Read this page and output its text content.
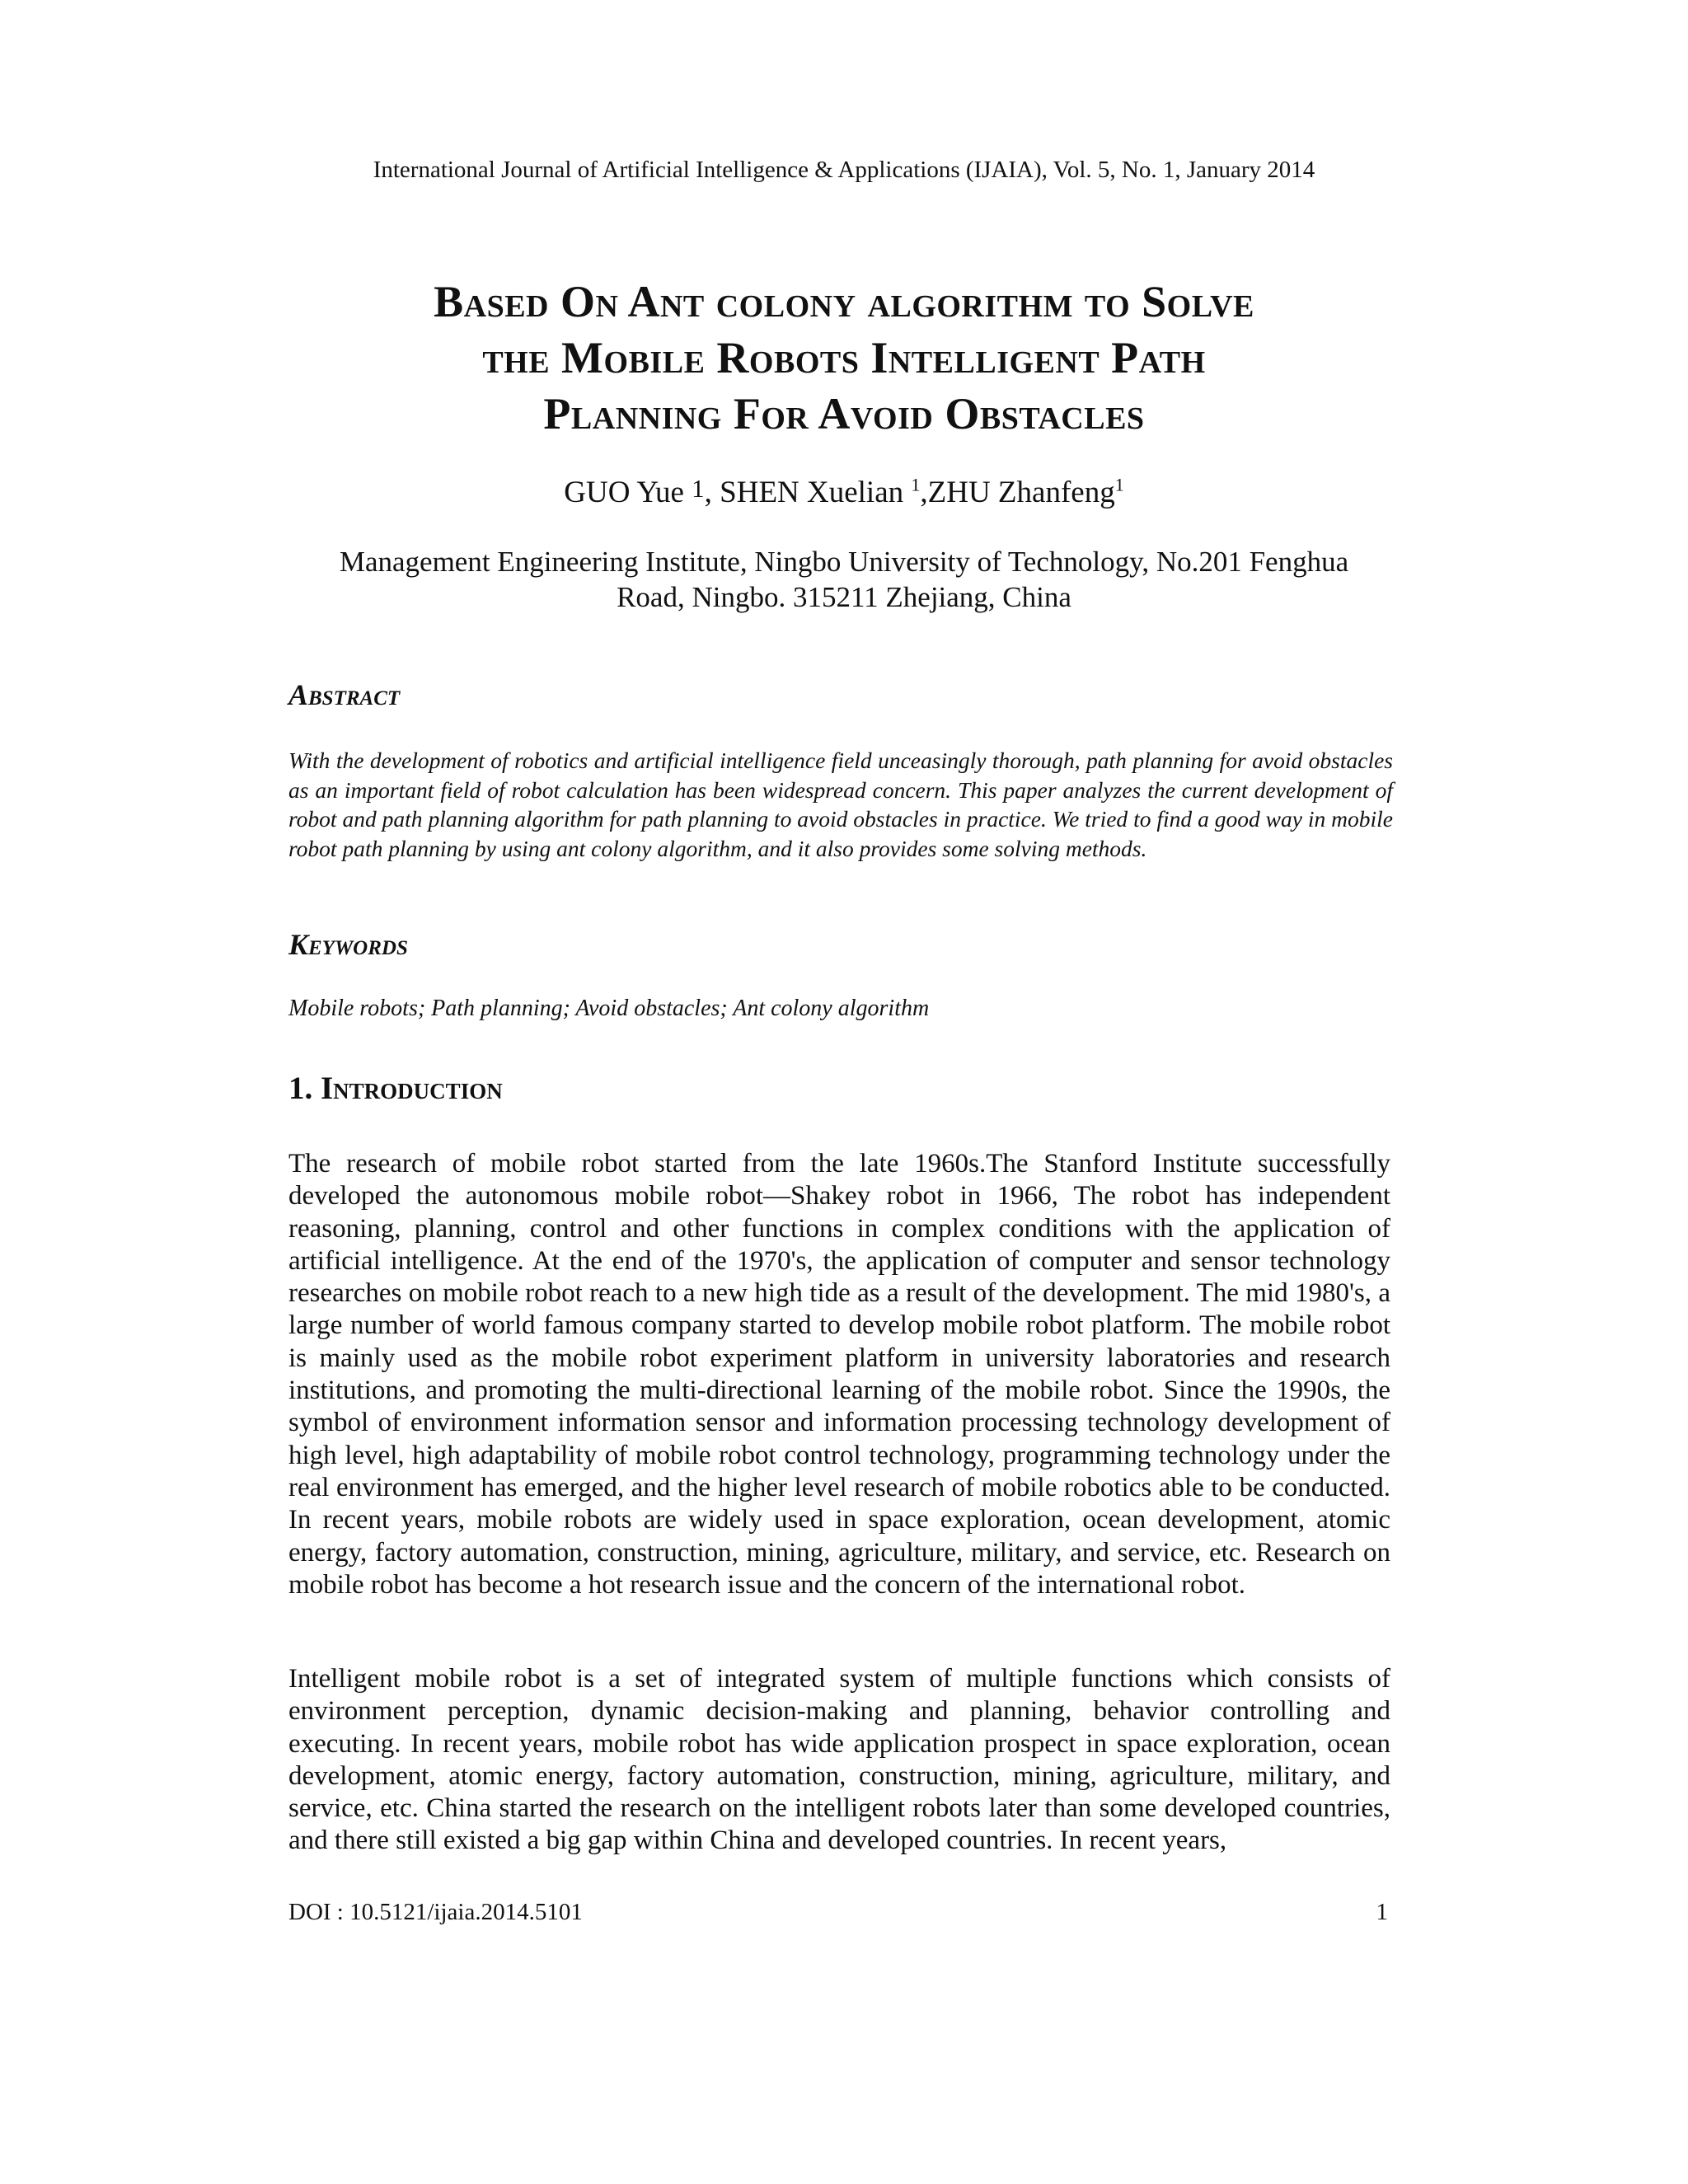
International Journal of Artificial Intelligence & Applications (IJAIA), Vol. 5, No. 1, January 2014
Based On Ant colony algorithm to Solve
the Mobile Robots Intelligent Path
Planning For Avoid Obstacles
GUO Yue 1, SHEN Xuelian $^1$,ZHU Zhanfeng$^1$
Management Engineering Institute, Ningbo University of Technology, No.201 Fenghua
Road, Ningbo. 315211 Zhejiang, China
Abstract
With the development of robotics and artificial intelligence field unceasingly thorough, path planning for avoid obstacles as an important field of robot calculation has been widespread concern. This paper analyzes the current development of robot and path planning algorithm for path planning to avoid obstacles in practice. We tried to find a good way in mobile robot path planning by using ant colony algorithm, and it also provides some solving methods.
Keywords
Mobile robots; Path planning; Avoid obstacles; Ant colony algorithm
1. Introduction
The research of mobile robot started from the late 1960s.The Stanford Institute successfully developed the autonomous mobile robot—Shakey robot in 1966, The robot has independent reasoning, planning, control and other functions in complex conditions with the application of artificial intelligence. At the end of the 1970's, the application of computer and sensor technology researches on mobile robot reach to a new high tide as a result of the development. The mid 1980's, a large number of world famous company started to develop mobile robot platform. The mobile robot is mainly used as the mobile robot experiment platform in university laboratories and research institutions, and promoting the multi-directional learning of the mobile robot. Since the 1990s, the symbol of environment information sensor and information processing technology development of high level, high adaptability of mobile robot control technology, programming technology under the real environment has emerged, and the higher level research of mobile robotics able to be conducted. In recent years, mobile robots are widely used in space exploration, ocean development, atomic energy, factory automation, construction, mining, agriculture, military, and service, etc. Research on mobile robot has become a hot research issue and the concern of the international robot.
Intelligent mobile robot is a set of integrated system of multiple functions which consists of environment perception, dynamic decision-making and planning, behavior controlling and executing. In recent years, mobile robot has wide application prospect in space exploration, ocean development, atomic energy, factory automation, construction, mining, agriculture, military, and service, etc. China started the research on the intelligent robots later than some developed countries, and there still existed a big gap within China and developed countries. In recent years,
DOI : 10.5121/ijaia.2014.5101	1
